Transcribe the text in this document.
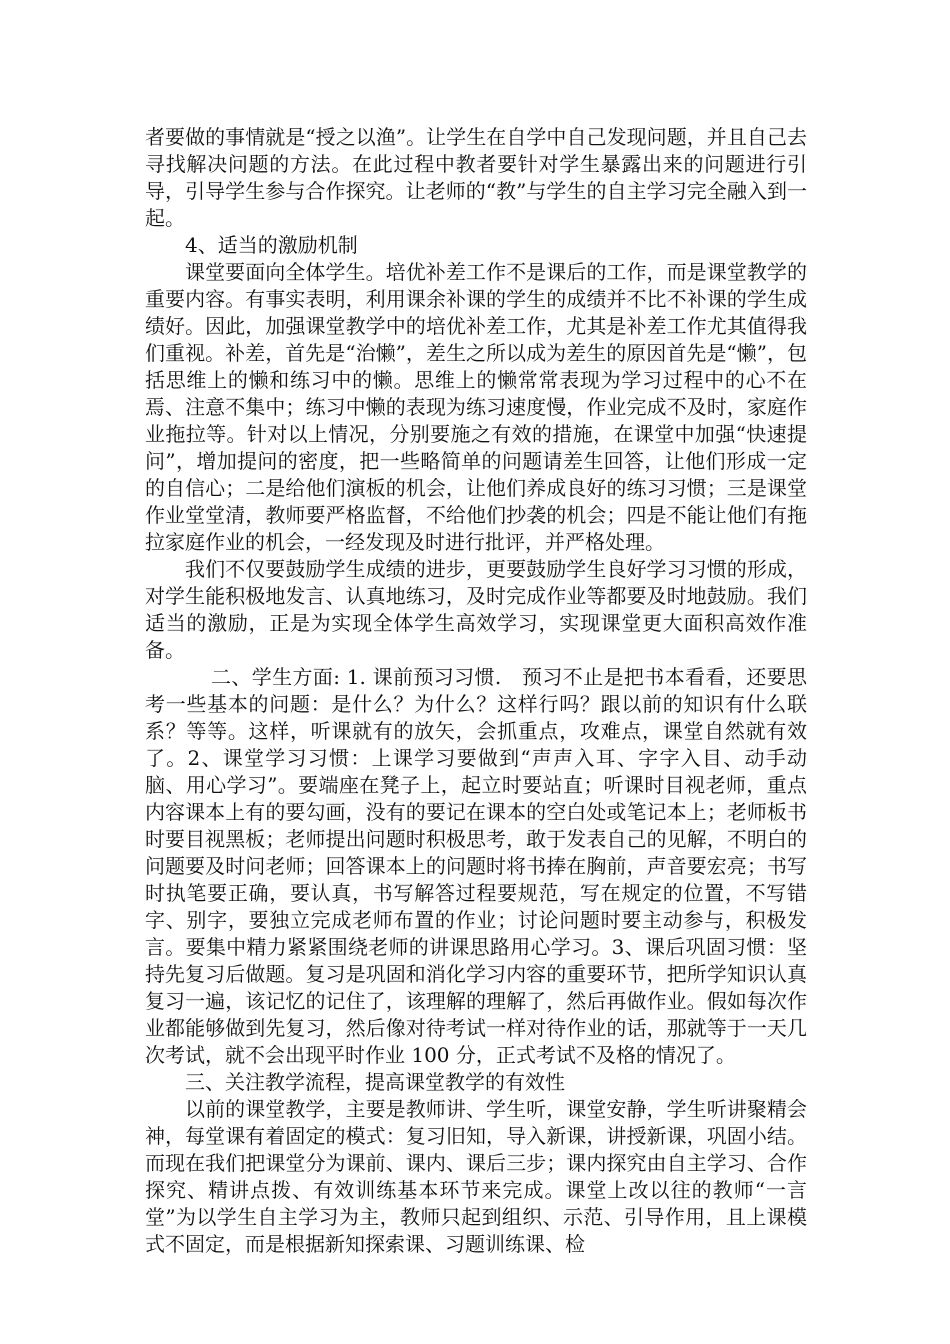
者要做的事情就是“授之以渔”。让学生在自学中自己发现问题，并且自己去寻找解决问题的方法。在此过程中教者要针对学生暴露出来的问题进行引导，引导学生参与合作探究。让老师的“教”与学生的自主学习完全融入到一起。

4、适当的激励机制

课堂要面向全体学生。培优补差工作不是课后的工作，而是课堂教学的重要内容。有事实表明，利用课余补课的学生的成绩并不比不补课的学生成绩好。因此，加强课堂教学中的培优补差工作，尤其是补差工作尤其值得我们重视。补差，首先是“治懒”，差生之所以成为差生的原因首先是“懒”，包括思维上的懒和练习中的懒。思维上的懒常常表现为学习过程中的心不在焉、注意不集中；练习中懒的表现为练习速度慢，作业完成不及时，家庭作业拖拉等。针对以上情况，分别要施之有效的措施，在课堂中加强“快速提问”，增加提问的密度，把一些略简单的问题请差生回答，让他们形成一定的自信心；二是给他们演板的机会，让他们养成良好的练习习惯；三是课堂作业堂堂清，教师要严格监督，不给他们抄袭的机会；四是不能让他们有拖拉家庭作业的机会，一经发现及时进行批评，并严格处理。

我们不仅要鼓励学生成绩的进步，更要鼓励学生良好学习习惯的形成，对学生能积极地发言、认真地练习，及时完成作业等都要及时地鼓励。我们适当的激励，正是为实现全体学生高效学习，实现课堂更大面积高效作准备。

二、学生方面: 1. 课前预习习惯.　预习不止是把书本看看，还要思考一些基本的问题：是什么？为什么？这样行吗？跟以前的知识有什么联系？等等。这样，听课就有的放矢，会抓重点，攻难点，课堂自然就有效了。2、课堂学习习惯：上课学习要做到“声声入耳、字字入目、动手动脑、用心学习”。要端座在凳子上，起立时要站直；听课时目视老师，重点内容课本上有的要勾画，没有的要记在课本的空白处或笔记本上；老师板书时要目视黑板；老师提出问题时积极思考，敢于发表自己的见解，不明白的问题要及时问老师；回答课本上的问题时将书捧在胸前，声音要宏亮；书写时执笔要正确，要认真，书写解答过程要规范，写在规定的位置，不写错字、别字，要独立完成老师布置的作业；讨论问题时要主动参与，积极发言。要集中精力紧紧围绕老师的讲课思路用心学习。3、课后巩固习惯：坚持先复习后做题。复习是巩固和消化学习内容的重要环节，把所学知识认真复习一遍，该记忆的记住了，该理解的理解了，然后再做作业。假如每次作业都能够做到先复习，然后像对待考试一样对待作业的话，那就等于一天几次考试，就不会出现平时作业 100 分，正式考试不及格的情况了。

三、关注教学流程，提高课堂教学的有效性

以前的课堂教学，主要是教师讲、学生听，课堂安静，学生听讲聚精会神，每堂课有着固定的模式：复习旧知，导入新课，讲授新课，巩固小结。而现在我们把课堂分为课前、课内、课后三步；课内探究由自主学习、合作探究、精讲点拨、有效训练基本环节来完成。课堂上改以往的教师“一言堂”为以学生自主学习为主，教师只起到组织、示范、引导作用，且上课模式不固定，而是根据新知探索课、习题训练课、检
